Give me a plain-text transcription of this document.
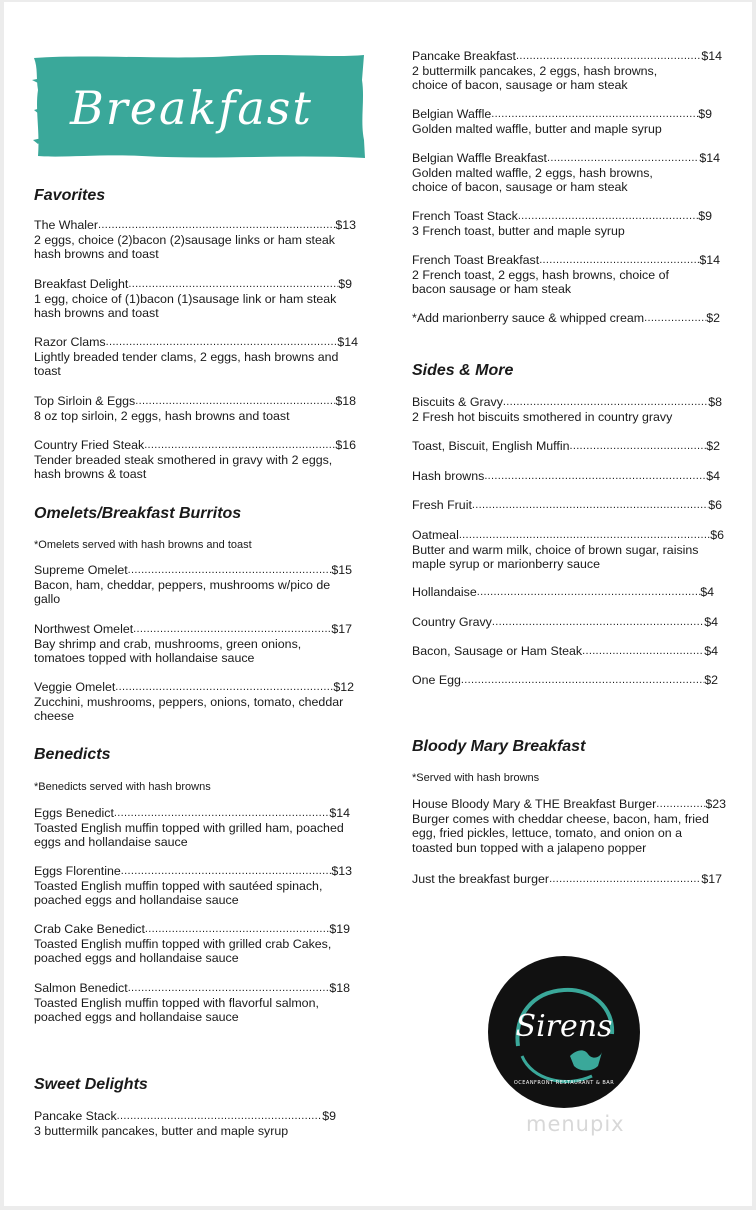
Breakfast
Favorites
The Whaler .....	$13
2 eggs, choice (2)bacon (2)sausage links or ham steak hash browns and toast
Breakfast Delight .....	$9
1 egg, choice of (1)bacon (1)sausage link or ham steak hash browns and toast
Razor Clams .....	$14
Lightly breaded tender clams, 2 eggs, hash browns and toast
Top Sirloin & Eggs .....	$18
8 oz top sirloin, 2 eggs, hash browns and toast
Country Fried Steak .....	$16
Tender breaded steak smothered in gravy with 2 eggs, hash browns & toast
Omelets/Breakfast Burritos
*Omelets served with hash browns and toast
Supreme Omelet .....	$15
Bacon, ham, cheddar, peppers, mushrooms w/pico de gallo
Northwest Omelet .....	$17
Bay shrimp and crab, mushrooms, green onions, tomatoes topped with hollandaise sauce
Veggie Omelet .....	$12
Zucchini, mushrooms, peppers, onions, tomato, cheddar cheese
Benedicts
*Benedicts served with hash browns
Eggs Benedict .....	$14
Toasted English muffin topped with grilled ham, poached eggs and hollandaise sauce
Eggs Florentine .....	$13
Toasted English muffin topped with sautéed spinach, poached eggs and hollandaise sauce
Crab Cake Benedict .....	$19
Toasted English muffin topped with grilled crab Cakes, poached eggs and hollandaise sauce
Salmon Benedict .....	$18
Toasted English muffin topped with flavorful salmon, poached eggs and hollandaise sauce
Sweet Delights
Pancake Stack .....	$9
3 buttermilk pancakes, butter and maple syrup
Pancake Breakfast .....	$14
2 buttermilk pancakes, 2 eggs, hash browns, choice of bacon, sausage or ham steak
Belgian Waffle .....	$9
Golden malted waffle, butter and maple syrup
Belgian Waffle Breakfast .....	$14
Golden malted waffle, 2 eggs, hash browns, choice of bacon, sausage or ham steak
French Toast Stack .....	$9
3 French toast, butter and maple syrup
French Toast Breakfast .....	$14
2 French toast, 2 eggs, hash browns, choice of bacon sausage or ham steak
*Add marionberry sauce & whipped cream .....	$2
Sides & More
Biscuits & Gravy .....	$8
2 Fresh hot biscuits smothered in country gravy
Toast, Biscuit, English Muffin .....	$2
Hash browns .....	$4
Fresh Fruit .....	$6
Oatmeal .....	$6
Butter and warm milk, choice of brown sugar, raisins maple syrup or marionberry sauce
Hollandaise .....	$4
Country Gravy .....	$4
Bacon, Sausage or Ham Steak .....	$4
One Egg .....	$2
Bloody Mary Breakfast
*Served with hash browns
House Bloody Mary & THE Breakfast Burger .....	$23
Burger comes with cheddar cheese, bacon, ham, fried egg, fried pickles, lettuce, tomato, and onion on a toasted bun topped with a jalapeno popper
Just the breakfast burger .....	$17
Sirens
OCEANFRONT RESTAURANT & BAR
menupix
